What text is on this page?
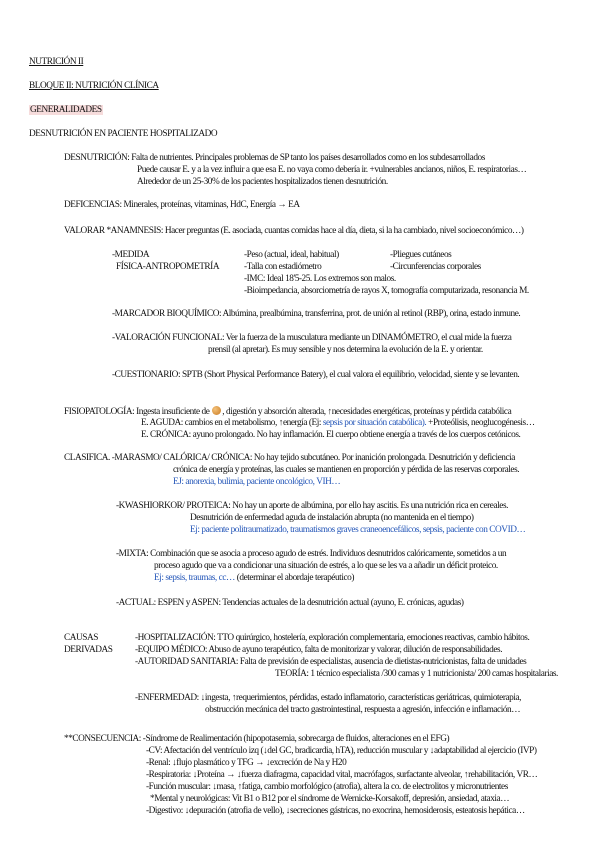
NUTRICIÓN II
BLOQUE II: NUTRICIÓN CLÍNICA
GENERALIDADES
DESNUTRICIÓN EN PACIENTE HOSPITALIZADO
DESNUTRICIÓN: Falta de nutrientes. Principales problemas de SP tanto los países desarrollados como en los subdesarrollados
Puede causar E. y a la vez influir a que esa E. no vaya como debería ir. +vulnerables ancianos, niños, E. respiratorias…
Alrededor de un 25-30% de los pacientes hospitalizados tienen desnutrición.
DEFICENCIAS: Minerales, proteínas, vitaminas, HdC, Energía → EA
VALORAR *ANAMNESIS: Hacer preguntas (E. asociada, cuantas comidas hace al día, dieta, si la ha cambiado, nivel socioeconómico…)
-MEDIDA
FÍSICA-ANTROPOMETRÍA
-Peso (actual, ideal, habitual)	-Pliegues cutáneos
-Talla con estadiómetro	-Circunferencias corporales
-IMC: Ideal 18'5-25. Los extremos son malos.
-Bioimpedancia, absorciometría de rayos X, tomografía computarizada, resonancia M.
-MARCADOR BIOQUÍMICO: Albúmina, prealbúmina, transferrina, prot. de unión al retinol (RBP), orina, estado inmune.
-VALORACIÓN FUNCIONAL: Ver la fuerza de la musculatura mediante un DINAMÓMETRO, el cual mide la fuerza
prensil (al apretar). Es muy sensible y nos determina la evolución de la E. y orientar.
-CUESTIONARIO: SPTB (Short Physical Performance Batery), el cual valora el equilibrio, velocidad, siente y se levanten.
FISIOPATOLOGÍA: Ingesta insuficiente de , digestión y absorción alterada, ↑necesidades energéticas, proteínas y pérdida catabólica
E. AGUDA: cambios en el metabolismo, ↑energía (Ej: sepsis por situación catabólica). +Proteólisis, neoglucogénesis…
E. CRÓNICA: ayuno prolongado. No hay inflamación. El cuerpo obtiene energía a través de los cuerpos cetónicos.
CLASIFICA. -MARASMO/ CALÓRICA/ CRÓNICA: No hay tejido subcutáneo. Por inanición prolongada. Desnutrición y deficiencia
crónica de energía y proteínas, las cuales se mantienen en proporción y pérdida de las reservas corporales.
EJ: anorexia, bulimia, paciente oncológico, VIH…
-KWASHIORKOR/ PROTEICA: No hay un aporte de albúmina, por ello hay ascitis. Es una nutrición rica en cereales.
Desnutrición de enfermedad aguda de instalación abrupta (no mantenida en el tiempo)
Ej: paciente politraumatizado, traumatismos graves craneoencefálicos, sepsis, paciente con COVID…
-MIXTA: Combinación que se asocia a proceso agudo de estrés. Individuos desnutridos calóricamente, sometidos a un
proceso agudo que va a condicionar una situación de estrés, a lo que se les va a añadir un déficit proteico.
Ej: sepsis, traumas, cc… (determinar el abordaje terapéutico)
-ACTUAL: ESPEN y ASPEN: Tendencias actuales de la desnutrición actual (ayuno, E. crónicas, agudas)
CAUSAS
DERIVADAS
-HOSPITALIZACIÓN: TTO quirúrgico, hostelería, exploración complementaria, emociones reactivas, cambio hábitos.
-EQUIPO MÉDICO: Abuso de ayuno terapéutico, falta de monitorizar y valorar, dilución de responsabilidades.
-AUTORIDAD SANITARIA: Falta de previsión de especialistas, ausencia de dietistas-nutricionistas, falta de unidades
TEORÍA: 1 técnico especialista /300 camas y 1 nutricionista/ 200 camas hospitalarias.
-ENFERMEDAD: ↓ingesta, ↑requerimientos, pérdidas, estado inflamatorio, características geriátricas, quimioterapia,
obstrucción mecánica del tracto gastrointestinal, respuesta a agresión, infección e inflamación…
**CONSECUENCIA: -Síndrome de Realimentación (hipopotasemia, sobrecarga de fluidos, alteraciones en el EFG)
-CV: Afectación del ventrículo izq (↓del GC, bradicardia, hTA), reducción muscular y ↓adaptabilidad al ejercicio (IVP)
-Renal: ↓flujo plasmático y TFG → ↓excreción de Na y H20
-Respiratoria: ↓Proteína → ↓fuerza diafragma, capacidad vital, macrófagos, surfactante alveolar, ↑rehabilitación, VR…
-Función muscular: ↓masa, ↑fatiga, cambio morfológico (atrofia), altera la co. de electrolitos y micronutrientes
*Mental y neurológicas: Vit B1 o B12 por el síndrome de Wernicke-Korsakoff, depresión, ansiedad, ataxia…
-Digestivo: ↓depuración (atrofia de vello), ↓secreciones gástricas, no exocrina, hemosiderosis, esteatosis hepática…
